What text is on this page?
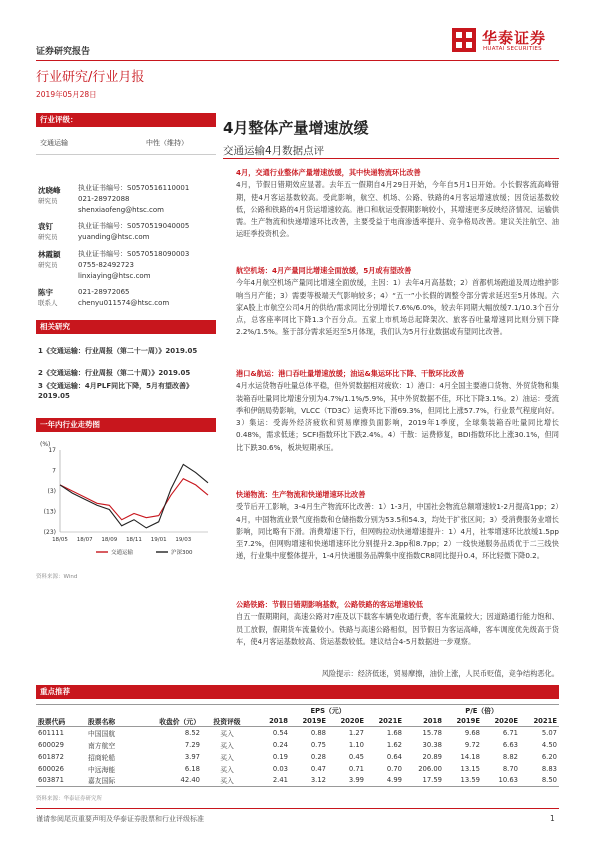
证券研究报告
华泰证券
HUATAI SECURITIES
行业研究/行业月报
2019年05月28日
4月整体产量增速放缓
交通运输4月数据点评
行业评级：
交通运输	中性（维持）
沈晓峰
研究员
执业证书编号：S0570516110001
021-28972088
shenxiaofeng@htsc.com
袁钉
研究员
执业证书编号：S0570519040005
yuanding@htsc.com
林霞颖
研究员
执业证书编号：S0570518090003
0755-82492723
linxiaying@htsc.com
陈宇
联系人
021-28972065
chenyu011574@htsc.com
相关研究
1《交通运输：行业周报（第二十一周）》2019.05
2《交通运输：行业周报（第二十周）》2019.05
3《交通运输：4月PLF同比下降，5月有望改善》2019.05
一年内行业走势图
(%)
17
7
(3)
(13)
(23)
18/05 18/07 18/09 18/11 19/01 19/03
交通运输	沪深300
资料来源：Wind
4月，交通行业整体产量增速放缓，其中快递物流环比改善
4月，节假日错期效应显著。去年五一假期自4月29日开始，今年自5月1日开始。小长假客流高峰错期，使4月客运基数较高。受此影响，航空、机场、公路、铁路的4月客运增速放缓；因货运基数较低，公路和铁路的4月货运增速较高。港口和航运受假期影响较小，其增速更多反映经济情况、运输供需。生产物流和快递增速环比改善，主要受益于电商渗透率提升、竞争格局改善。建议关注航空、油运旺季投资机会。
航空机场：4月产量同比增速全面放缓，5月或有望改善
今年4月航空机场产量同比增速全面放缓，主因：1）去年4月高基数；2）首都机场跑道及周边维护影响当月产能；3）需要等极端天气影响较多；4）“五一”小长假的调整令部分需求延迟至5月体现。六家A股上市航空公司4月的供给/需求同比分别增长7.6%/6.0%，较去年同期大幅放缓7.1/10.3个百分点，总客座率同比下降1.3个百分点。五家上市机场总起降架次、旅客吞吐量增速同比则分别下降2.2%/1.5%。鉴于部分需求延迟至5月体现，我们认为5月行业数据或有望同比改善。
港口&航运：港口吞吐量增速放缓；油运&集运环比下降、干散环比改善
4月水运货物吞吐量总体平稳，但外贸数据相对疲软：1）港口：4月全国主要港口货物、外贸货物和集装箱吞吐量同比增速分别为4.7%/1.1%/5.9%，其中外贸数据不佳，环比下降3.1%。2）油运：受流季和伊朗局势影响，VLCC（TD3C）运费环比下滑69.3%，但同比上涨57.7%，行业景气程度向好。3）集运：受海外经济疲软和贸易摩擦负面影响，2019年1季度，全球集装箱吞吐量同比增长0.48%，需求低迷；SCFI指数环比下跌2.4%。4）干散：运费修复，BDI指数环比上涨30.1%，但同比下跌30.6%，板块短期承压。
快递物流：生产物流和快递增速环比改善
受节后开工影响，3-4月生产物流环比改善：1）1-3月，中国社会物流总额增速较1-2月提高1pp；2）4月，中国物流业景气度指数和仓储指数分别为53.5和54.3，均处于扩张区间；3）受消费服务业增长影响，同比略有下滑。消费增速下行，但网购拉动快递增速提升：1）4月，社零增速环比放缓1.5pp至7.2%，但网购增速和快递增速环比分别提升2.3pp和8.7pp；2）一线快递服务品质优于二三线快递，行业集中度整体提升，1-4月快递服务品牌集中度指数CR8同比提升0.4，环比轻微下降0.2。
公路铁路：节假日错期影响基数，公路铁路的客运增速较低
自五一假期期间，高速公路对7座及以下载客车辆免收通行费，客车流量较大；因道路通行能力饱和、员工放假，假期货车流量较小。铁路与高速公路相似，因节假日为客运高峰，客车调度优先级高于货车，使4月客运基数较高、货运基数较低。建议结合4-5月数据进一步观察。
风险提示：经济低迷，贸易摩擦，油价上涨，人民币贬值，竞争结构恶化。
重点推荐
				EPS（元）				P/E（倍）			
股票代码	股票名称	收盘价（元）	投资评级	2018	2019E	2020E	2021E	2018	2019E	2020E	2021E
601111	中国国航	8.52	买入	0.54	0.88	1.27	1.68	15.78	9.68	6.71	5.07
600029	南方航空	7.29	买入	0.24	0.75	1.10	1.62	30.38	9.72	6.63	4.50
601872	招商轮船	3.97	买入	0.19	0.28	0.45	0.64	20.89	14.18	8.82	6.20
600026	中远海能	6.18	买入	0.03	0.47	0.71	0.70	206.00	13.15	8.70	8.83
603871	嘉友国际	42.40	买入	2.41	3.12	3.99	4.99	17.59	13.59	10.63	8.50
资料来源：华泰证券研究所
谨请参阅尾页重要声明及华泰证券股票和行业评级标准	1
